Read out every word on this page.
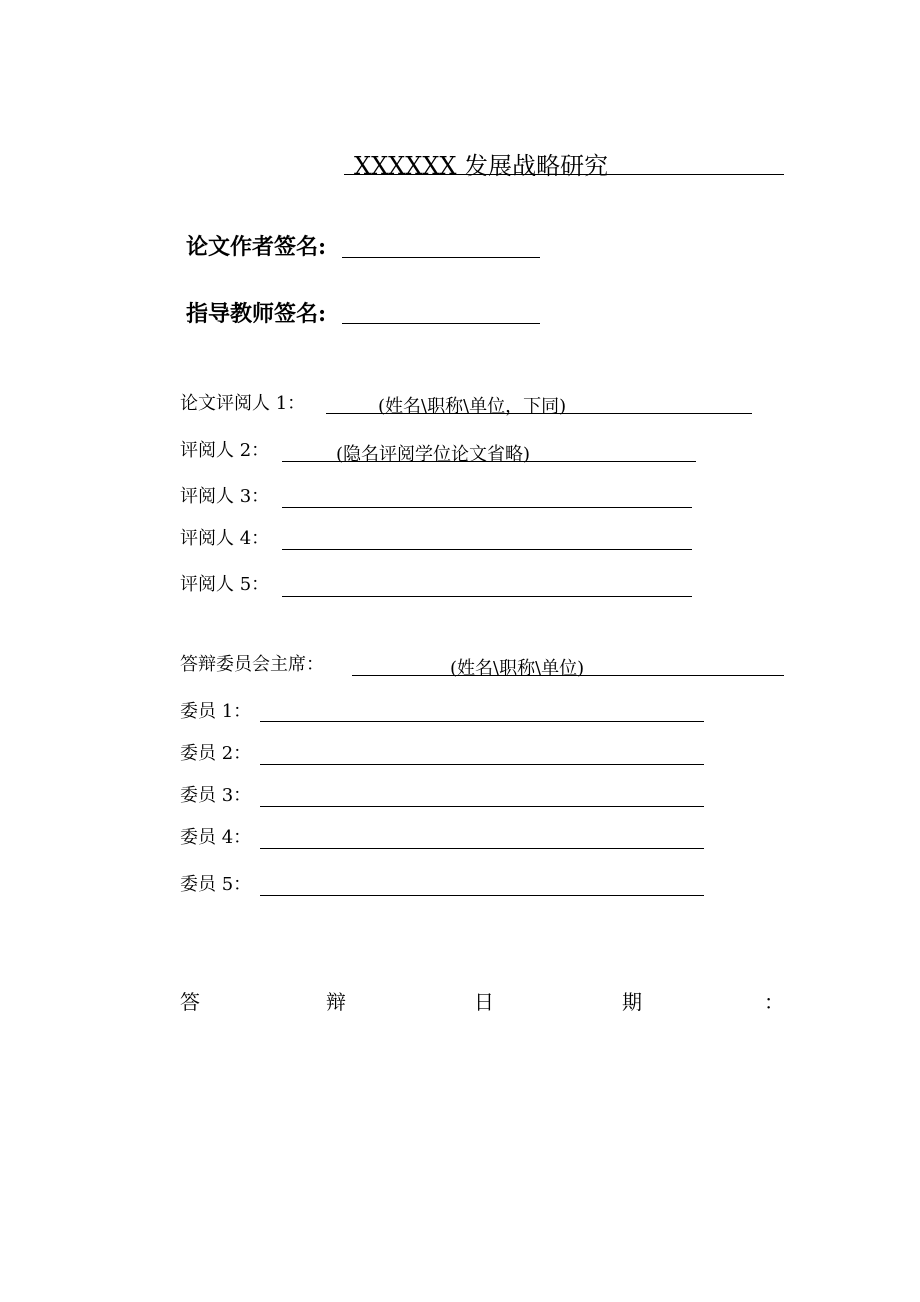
XXXXXX 发展战略研究
论文作者签名:
指导教师签名:
论文评阅人 1：	(姓名\职称\单位，下同)
评阅人 2：	(隐名评阅学位论文省略)
评阅人 3：
评阅人 4：
评阅人 5：
答辩委员会主席：	(姓名\职称\单位)
委员 1：
委员 2：
委员 3：
委员 4：
委员 5：
答	辩	日	期	：
